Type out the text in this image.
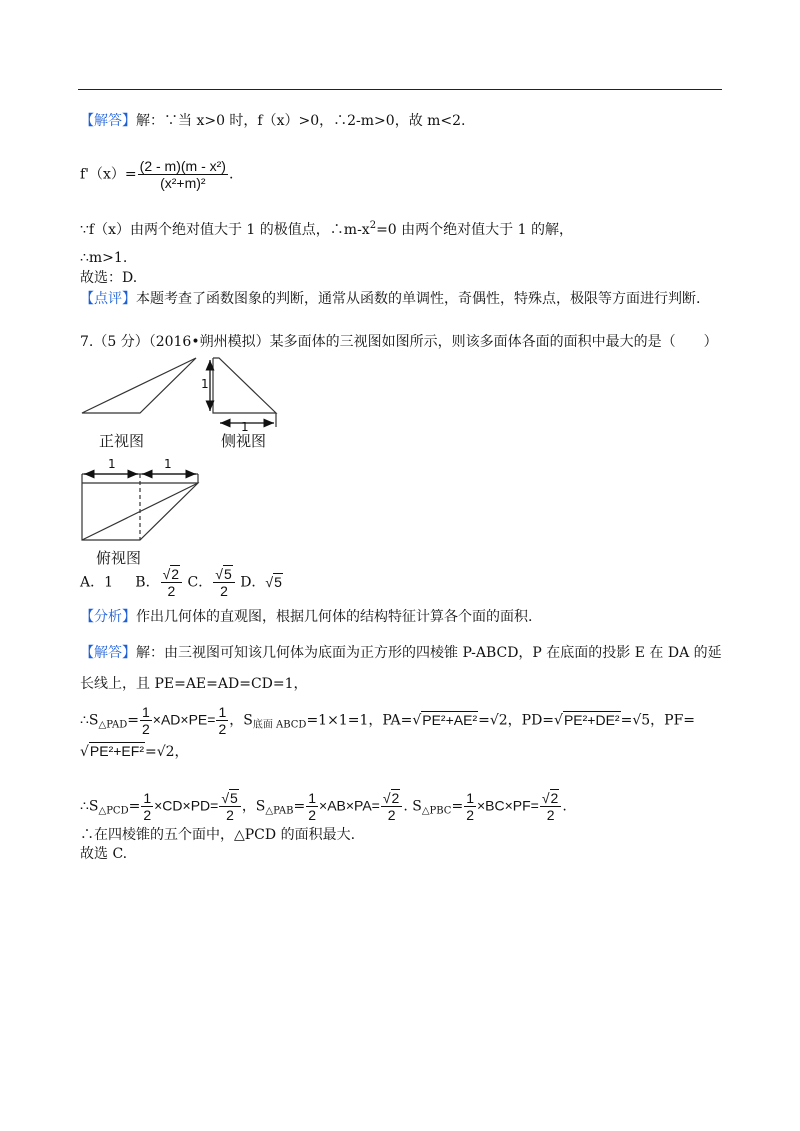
【解答】解：∵当 x>0 时，f（x）>0，∴2-m>0，故 m<2.
$f'(x)= \frac{\text{(2 - m)(m - x²)}}{\text{(x²+m)²}}$ .
∵f（x）由两个绝对值大于 1 的极值点，$\therefore m-x^2=0$ 由两个绝对值大于 1 的解，
∴m>1.
故选：D.
【点评】本题考查了函数图象的判断，通常从函数的单调性，奇偶性，特殊点，极限等方面进行判断.
7.（5 分）（2016•朔州模拟）某多面体的三视图如图所示，则该多面体各面的面积中最大的是（　　）
1
1
1	1
正视图	侧视图
俯视图
A．1 B． $\frac{√2}{2}$ C． $\frac{√5}{2}$ D．√5
【分析】作出几何体的直观图，根据几何体的结构特征计算各个面的面积.
【解答】解：由三视图可知该几何体为底面为正方形的四棱锥 P-ABCD，P 在底面的投影 E 在 DA 的延
长线上，且 PE=AE=AD=CD=1，
$\therefore S_{\triangle PAD}= \frac{1}{2} \times AD\times PE= \frac{1}{2}$ ，$S_{底面 ABCD}=1\times 1=1$，PA=√PE²+AE²=√2，PD=√PE²+DE²=√5，PF=
√PE²+EF²=√2，
$\therefore S_{\triangle PCD}= \frac{1}{2} \times CD\times PD= \frac{√5}{2}$ ，$S_{\triangle PAB}= \frac{1}{2} \times AB\times PA= \frac{√2}{2}$ . $S_{\triangle PBC}= \frac{1}{2} \times BC\times PF= \frac{√2}{2}$ .
∴在四棱锥的五个面中，△PCD 的面积最大.
故选 C.
